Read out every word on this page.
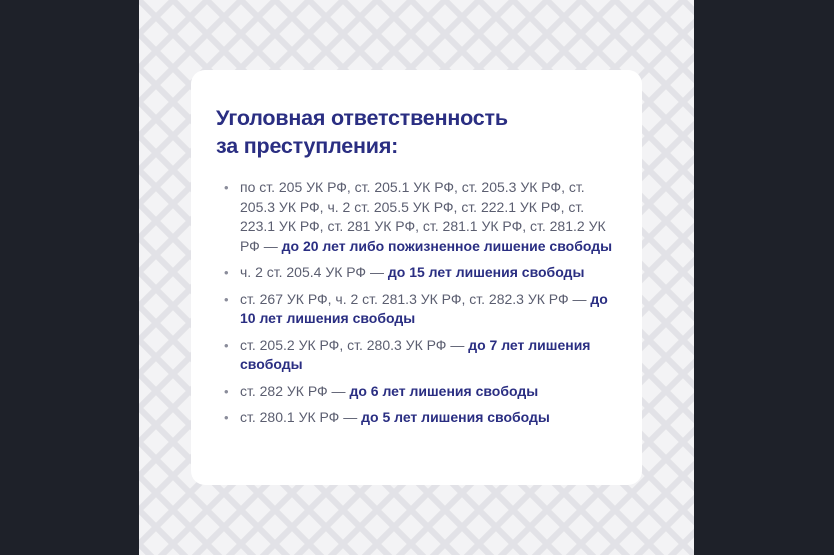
Уголовная ответственность
за преступления:
• по ст. 205 УК РФ, ст. 205.1 УК РФ, ст. 205.3 УК РФ, ст. 205.3 УК РФ, ч. 2 ст. 205.5 УК РФ, ст. 222.1 УК РФ, ст. 223.1 УК РФ, ст. 281 УК РФ, ст. 281.1 УК РФ, ст. 281.2 УК РФ — до 20 лет либо пожизненное лишение свободы
• ч. 2 ст. 205.4 УК РФ — до 15 лет лишения свободы
• ст. 267 УК РФ, ч. 2 ст. 281.3 УК РФ, ст. 282.3 УК РФ — до 10 лет лишения свободы
• ст. 205.2 УК РФ, ст. 280.3 УК РФ — до 7 лет лишения свободы
• ст. 282 УК РФ — до 6 лет лишения свободы
• ст. 280.1 УК РФ — до 5 лет лишения свободы
